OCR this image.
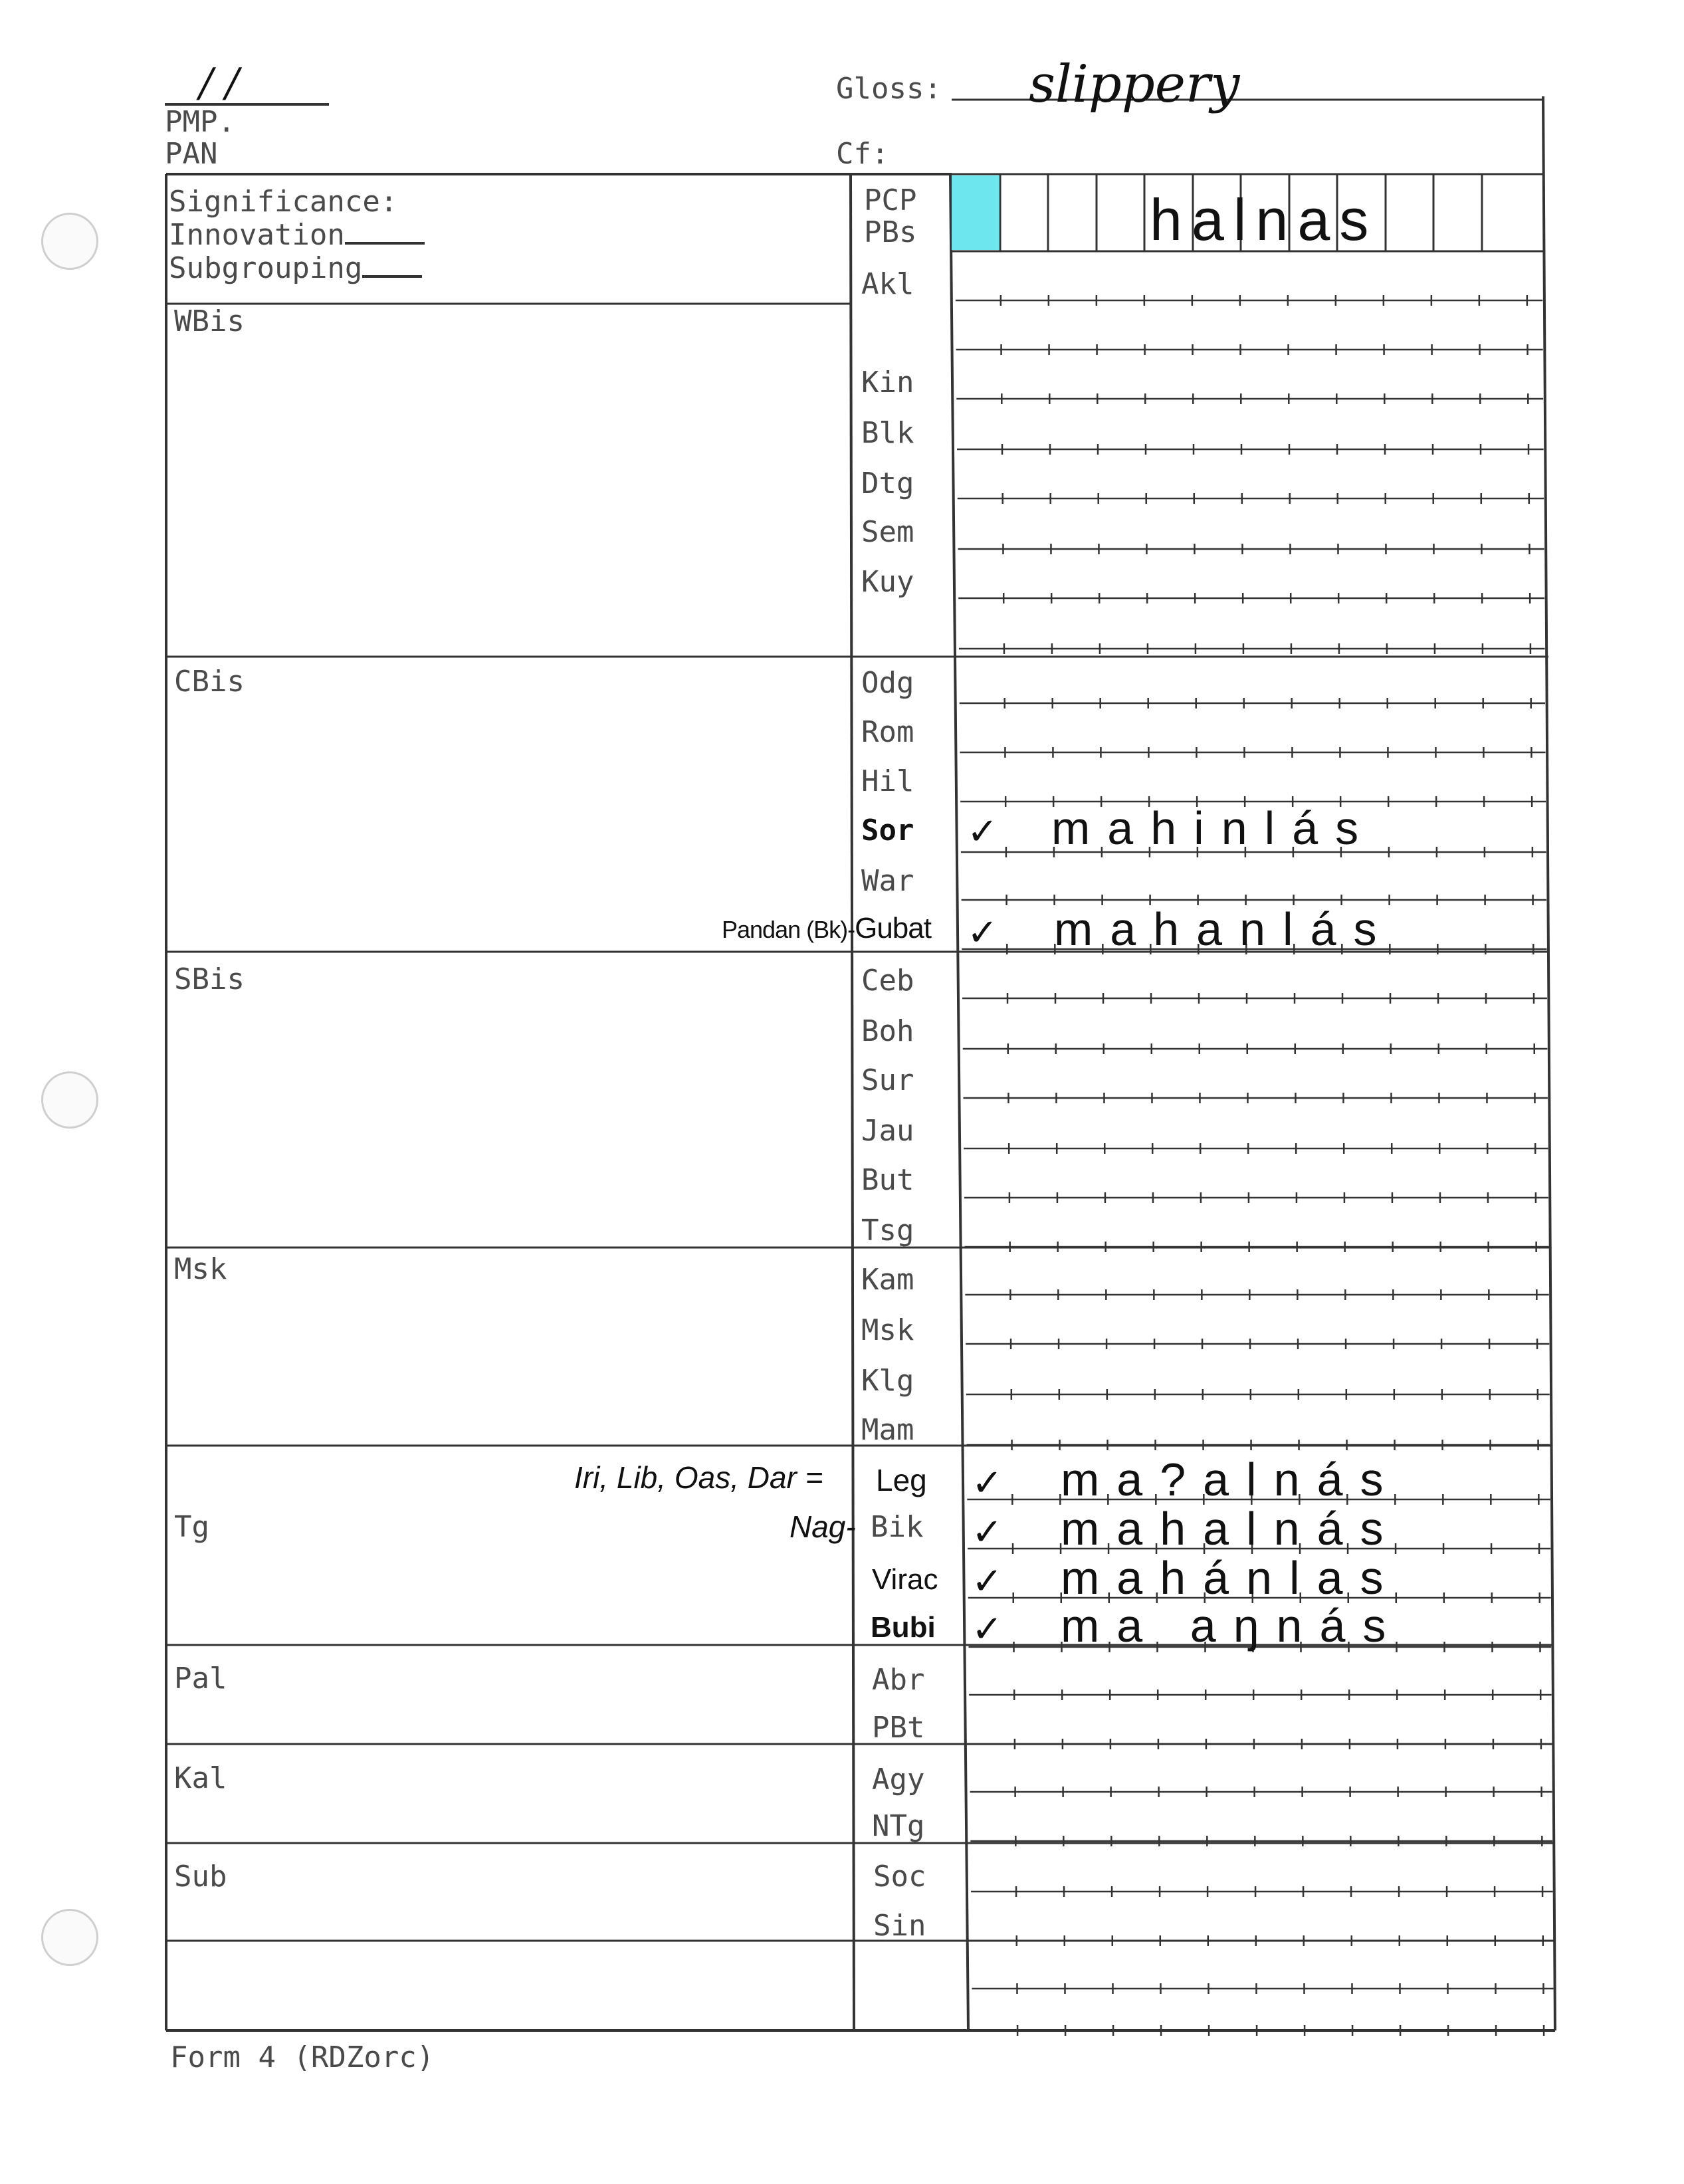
/ /
PMP.
PAN
Gloss: slippery
Cf:
Significance:
Innovation
Subgrouping
PCP
PBs	halnas
WBis
CBis
SBis
Msk
Tg
Pal
Kal
Sub
Akl
Kin
Blk
Dtg
Sem
Kuy
Odg
Rom
Hil
Sor
War
Pandan (Bk)-Gubat
Ceb
Boh
Sur
Jau
But
Tsg
Kam
Msk
Klg
Mam
Iri, Lib, Oas, Dar = Leg
Nag- Bik
Virac
Bubi
Abr
PBt
Agy
NTg
Soc
Sin
✓ mahinlás
✓ mahanlás
✓ ma?alnás
✓ mahalnás
✓ mahánlas
✓ ma aŋnás
Form 4 (RDZorc)
